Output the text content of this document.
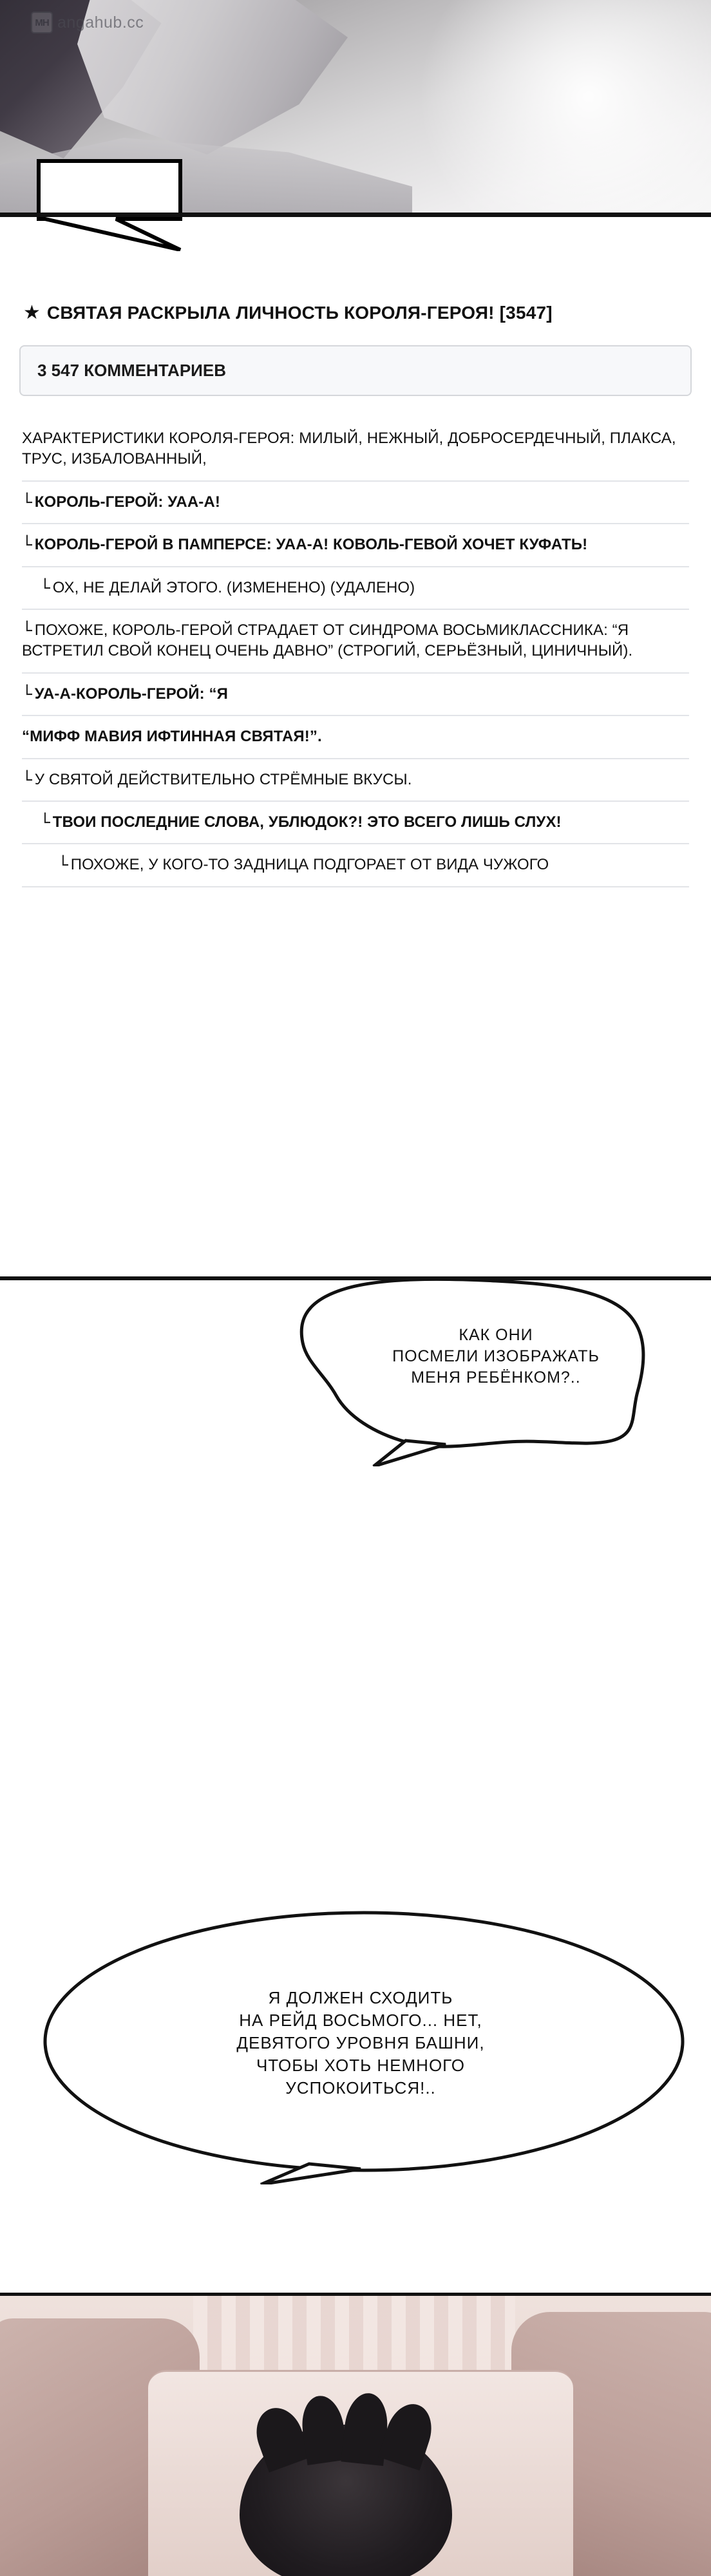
MH angahub.cc
★ СВЯТАЯ РАСКРЫЛА ЛИЧНОСТЬ КОРОЛЯ-ГЕРОЯ! [3547]
3 547 КОММЕНТАРИЕВ
ХАРАКТЕРИСТИКИ КОРОЛЯ-ГЕРОЯ: МИЛЫЙ, НЕЖНЫЙ, ДОБРОСЕРДЕЧНЫЙ, ПЛАКСА, ТРУС, ИЗБАЛОВАННЫЙ,
└ КОРОЛЬ-ГЕРОЙ: УАА-А!
└ КОРОЛЬ-ГЕРОЙ В ПАМПЕРСЕ: УАА-А! КОВОЛЬ-ГЕВОЙ ХОЧЕТ КУФАТЬ!
└ ОХ, НЕ ДЕЛАЙ ЭТОГО. (ИЗМЕНЕНО) (УДАЛЕНО)
└ ПОХОЖЕ, КОРОЛЬ-ГЕРОЙ СТРАДАЕТ ОТ СИНДРОМА ВОСЬМИКЛАССНИКА: “Я ВСТРЕТИЛ СВОЙ КОНЕЦ ОЧЕНЬ ДАВНО” (СТРОГИЙ, СЕРЬЁЗНЫЙ, ЦИНИЧНЫЙ).
└ УА-А-КОРОЛЬ-ГЕРОЙ: “Я
“МИФФ МАВИЯ ИФТИННАЯ СВЯТАЯ!”.
└ У СВЯТОЙ ДЕЙСТВИТЕЛЬНО СТРЁМНЫЕ ВКУСЫ.
└ ТВОИ ПОСЛЕДНИЕ СЛОВА, УБЛЮДОК?! ЭТО ВСЕГО ЛИШЬ СЛУХ!
└ ПОХОЖЕ, У КОГО-ТО ЗАДНИЦА ПОДГОРАЕТ ОТ ВИДА ЧУЖОГО
КАК ОНИ
ПОСМЕЛИ ИЗОБРАЖАТЬ
МЕНЯ РЕБЁНКОМ?..
Я ДОЛЖЕН СХОДИТЬ
НА РЕЙД ВОСЬМОГО... НЕТ,
ДЕВЯТОГО УРОВНЯ БАШНИ,
ЧТОБЫ ХОТЬ НЕМНОГО
УСПОКОИТЬСЯ!..
